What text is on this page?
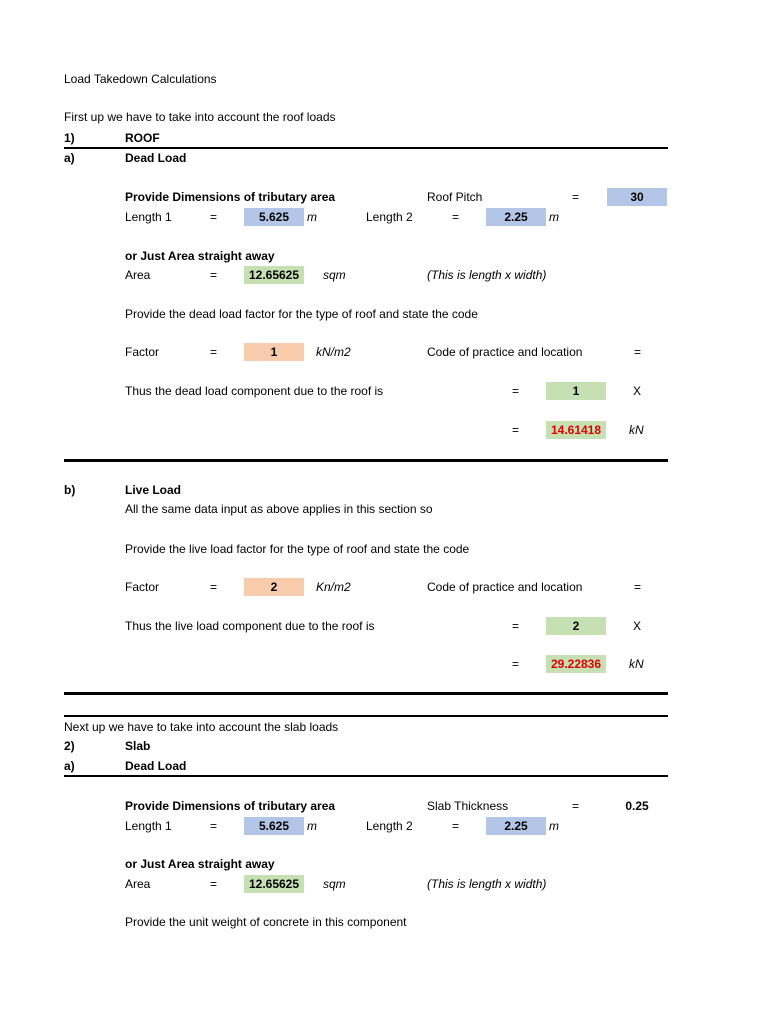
Load Takedown Calculations
First up we have to take into account the roof loads
1)	ROOF
a)	Dead Load
Provide Dimensions of tributary area	Roof Pitch	=	30
Length 1	=	5.625	m	Length 2	=	2.25	m
or Just Area straight away
Area	=	12.65625	sqm	(This is length x width)
Provide the dead load factor for the type of roof and state the code
Factor	=	1	kN/m2	Code of practice and location	=
Thus the dead load component due to the roof is	=	1	X
=	14.61418	kN
b)	Live Load
All the same data input as above applies in this section so
Provide the live load factor for the type of roof and state the code
Factor	=	2	Kn/m2	Code of practice and location	=
Thus the live load component due to the roof is	=	2	X
=	29.22836	kN
Next up we have to take into account the slab loads
2)	Slab
a)	Dead Load
Provide Dimensions of tributary area	Slab Thickness	=	0.25
Length 1	=	5.625	m	Length 2	=	2.25	m
or Just Area straight away
Area	=	12.65625	sqm	(This is length x width)
Provide the unit weight of concrete in this component
